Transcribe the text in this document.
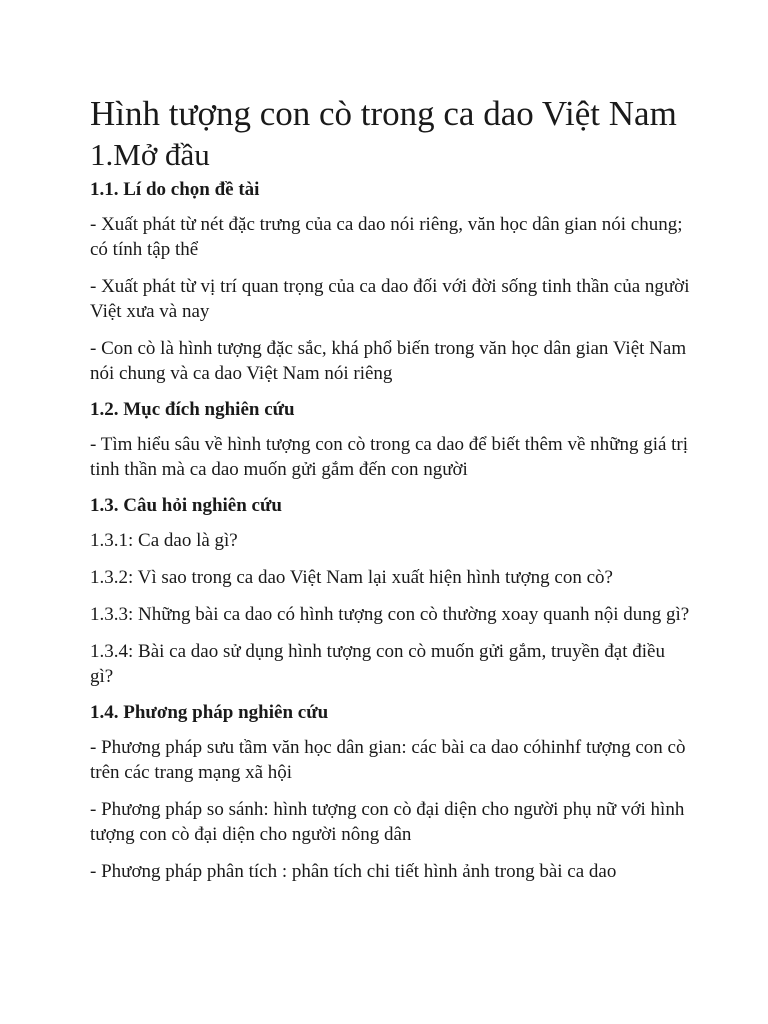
Hình tượng con cò trong ca dao Việt Nam
1.Mở đầu
1.1. Lí do chọn đề tài

- Xuất phát từ nét đặc trưng của ca dao nói riêng, văn học dân gian nói chung; có tính tập thể

- Xuất phát từ vị trí quan trọng của ca dao đối với đời sống tinh thần của người Việt xưa và nay

- Con cò là hình tượng đặc sắc, khá phổ biến trong văn học dân gian Việt Nam nói chung và ca dao Việt Nam nói riêng

1.2. Mục đích nghiên cứu

- Tìm hiểu sâu về hình tượng con cò trong ca dao để biết thêm về những giá trị tinh thần mà ca dao muốn gửi gắm đến con người

1.3. Câu hỏi nghiên cứu

1.3.1: Ca dao là gì?

1.3.2: Vì sao trong ca dao Việt Nam lại xuất hiện hình tượng con cò?

1.3.3: Những bài ca dao có hình tượng con cò thường xoay quanh nội dung gì?

1.3.4: Bài ca dao sử dụng hình tượng con cò muốn gửi gắm, truyền đạt điều gì?

1.4. Phương pháp nghiên cứu

- Phương pháp sưu tầm văn học dân gian: các bài ca dao cóhinhf tượng con cò trên các trang mạng xã hội

- Phương pháp so sánh: hình tượng con cò đại diện cho người phụ nữ với hình tượng con cò đại diện cho người nông dân

- Phương pháp phân tích : phân tích chi tiết hình ảnh trong bài ca dao
